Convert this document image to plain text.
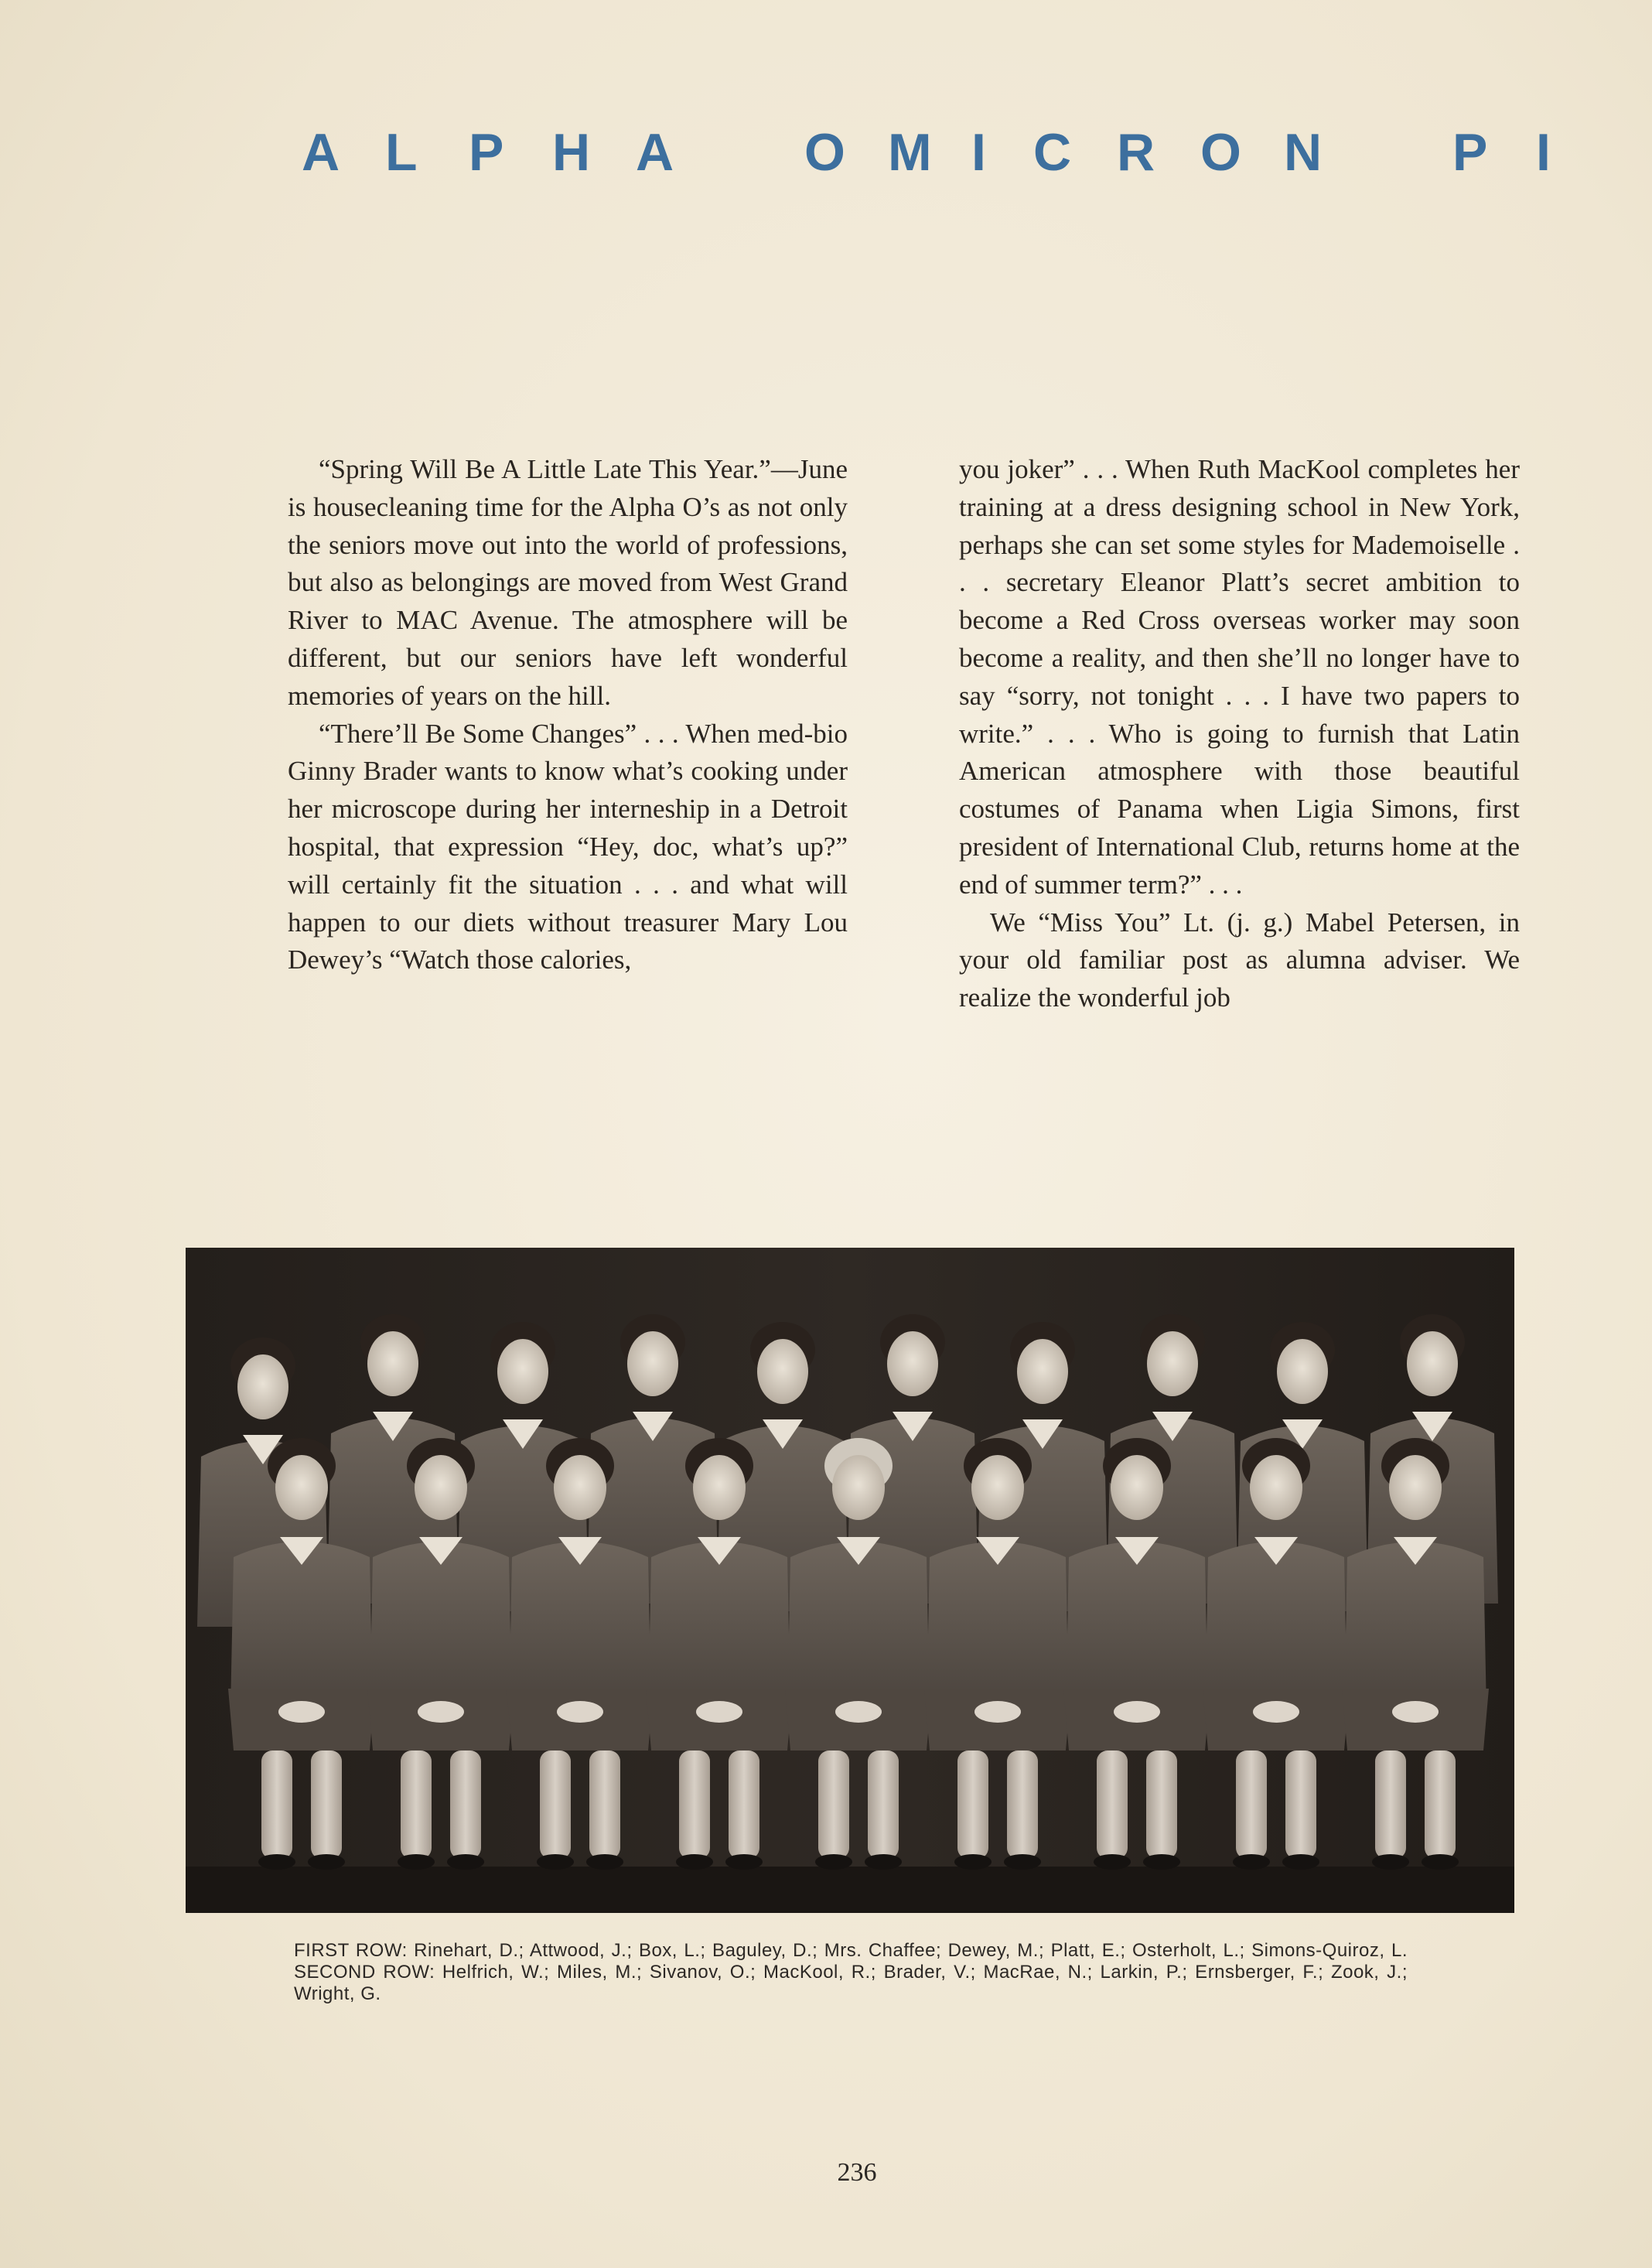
A L P H A O M I C R O N P I

“Spring Will Be A Little Late This Year.”—June is housecleaning time for the Alpha O’s as not only the seniors move out into the world of professions, but also as belongings are moved from West Grand River to MAC Avenue. The atmosphere will be different, but our seniors have left wonderful memories of years on the hill.

“There’ll Be Some Changes” . . . When med-bio Ginny Brader wants to know what’s cooking under her microscope during her interneship in a Detroit hospital, that expression “Hey, doc, what’s up?” will certainly fit the situation . . . and what will happen to our diets without treasurer Mary Lou Dewey’s “Watch those calories,

you joker” . . . When Ruth MacKool completes her training at a dress designing school in New York, perhaps she can set some styles for Mademoiselle . . . secretary Eleanor Platt’s secret ambition to become a Red Cross overseas worker may soon become a reality, and then she’ll no longer have to say “sorry, not tonight . . . I have two papers to write.” . . . Who is going to furnish that Latin American atmosphere with those beautiful costumes of Panama when Ligia Simons, first president of International Club, returns home at the end of summer term?” . . .

We “Miss You” Lt. (j. g.) Mabel Petersen, in your old familiar post as alumna adviser. We realize the wonderful job

FIRST ROW: Rinehart, D.; Attwood, J.; Box, L.; Baguley, D.; Mrs. Chaffee; Dewey, M.; Platt, E.; Osterholt, L.; Simons-Quiroz, L. SECOND ROW: Helfrich, W.; Miles, M.; Sivanov, O.; MacKool, R.; Brader, V.; MacRae, N.; Larkin, P.; Ernsberger, F.; Zook, J.; Wright, G.
236
